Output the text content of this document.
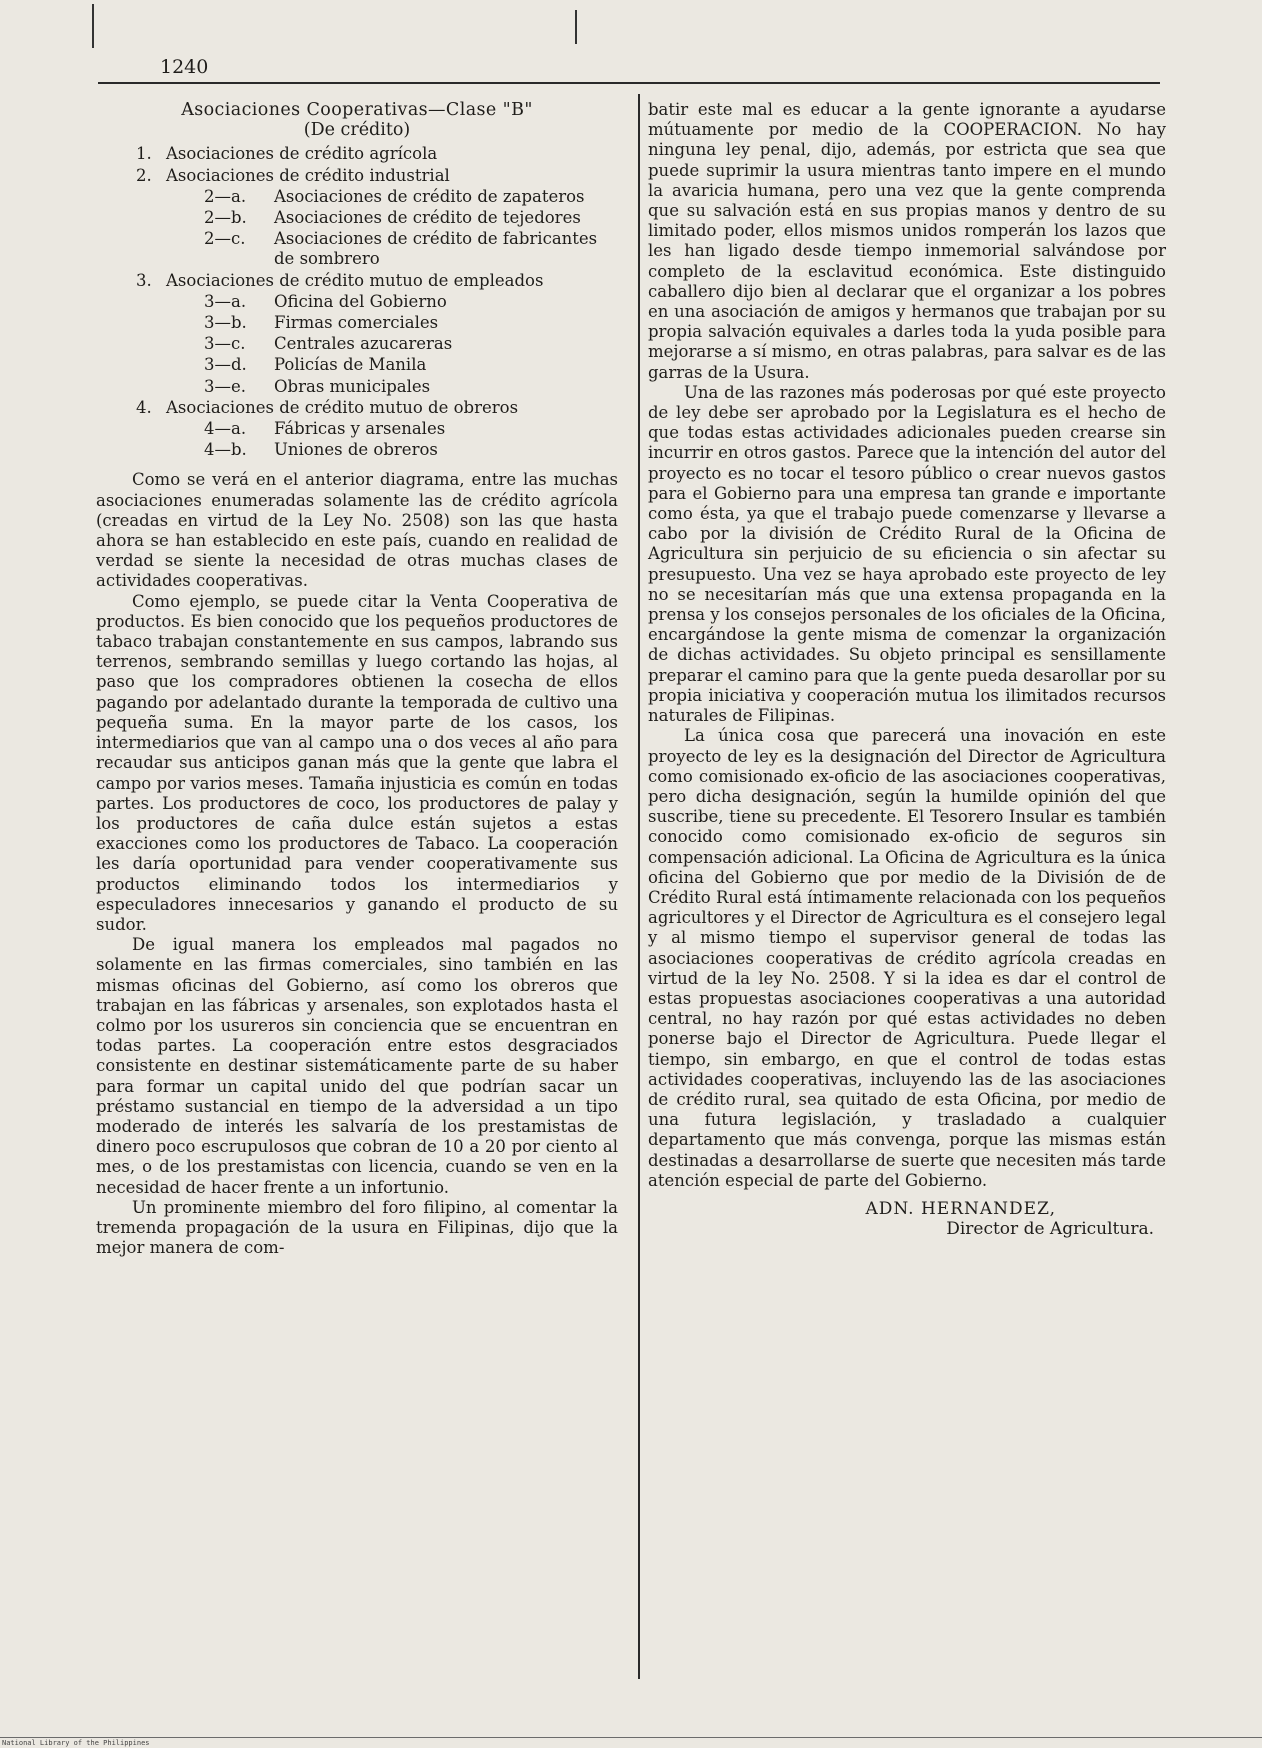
1240
Asociaciones Cooperativas—Clase "B"
(De crédito)
1. Asociaciones de crédito agrícola
2. Asociaciones de crédito industrial
2—a.	Asociaciones de crédito de zapateros
2—b.	Asociaciones de crédito de tejedores
2—c.	Asociaciones de crédito de fabricantes de sombrero
3. Asociaciones de crédito mutuo de empleados
3—a.	Oficina del Gobierno
3—b.	Firmas comerciales
3—c.	Centrales azucareras
3—d.	Policías de Manila
3—e.	Obras municipales
4. Asociaciones de crédito mutuo de obreros
4—a.	Fábricas y arsenales
4—b.	Uniones de obreros

Como se verá en el anterior diagrama, entre las muchas asociaciones enumeradas solamente las de crédito agrícola (creadas en virtud de la Ley No. 2508) son las que hasta ahora se han establecido en este país, cuando en realidad de verdad se siente la necesidad de otras muchas clases de actividades cooperativas.

Como ejemplo, se puede citar la Venta Cooperativa de productos. Es bien conocido que los pequeños productores de tabaco trabajan constantemente en sus campos, labrando sus terrenos, sembrando semillas y luego cortando las hojas, al paso que los compradores obtienen la cosecha de ellos pagando por adelantado durante la temporada de cultivo una pequeña suma. En la mayor parte de los casos, los intermediarios que van al campo una o dos veces al año para recaudar sus anticipos ganan más que la gente que labra el campo por varios meses. Tamaña injusticia es común en todas partes. Los productores de coco, los productores de palay y los productores de caña dulce están sujetos a estas exacciones como los productores de Tabaco. La cooperación les daría oportunidad para vender cooperativamente sus productos eliminando todos los intermediarios y especuladores innecesarios y ganando el producto de su sudor.

De igual manera los empleados mal pagados no solamente en las firmas comerciales, sino también en las mismas oficinas del Gobierno, así como los obreros que trabajan en las fábricas y arsenales, son explotados hasta el colmo por los usureros sin conciencia que se encuentran en todas partes. La cooperación entre estos desgraciados consistente en destinar sistemáticamente parte de su haber para formar un capital unido del que podrían sacar un préstamo sustancial en tiempo de la adversidad a un tipo moderado de interés les salvaría de los prestamistas de dinero poco escrupulosos que cobran de 10 a 20 por ciento al mes, o de los prestamistas con licencia, cuando se ven en la necesidad de hacer frente a un infortunio.

Un prominente miembro del foro filipino, al comentar la tremenda propagación de la usura en Filipinas, dijo que la mejor manera de com-

batir este mal es educar a la gente ignorante a ayudarse mútuamente por medio de la COOPERACION. No hay ninguna ley penal, dijo, además, por estricta que sea que puede suprimir la usura mientras tanto impere en el mundo la avaricia humana, pero una vez que la gente comprenda que su salvación está en sus propias manos y dentro de su limitado poder, ellos mismos unidos romperán los lazos que les han ligado desde tiempo inmemorial salvándose por completo de la esclavitud económica. Este distinguido caballero dijo bien al declarar que el organizar a los pobres en una asociación de amigos y hermanos que trabajan por su propia salvación equivales a darles toda la yuda posible para mejorarse a sí mismo, en otras palabras, para salvar es de las garras de la Usura.

Una de las razones más poderosas por qué este proyecto de ley debe ser aprobado por la Legislatura es el hecho de que todas estas actividades adicionales pueden crearse sin incurrir en otros gastos. Parece que la intención del autor del proyecto es no tocar el tesoro público o crear nuevos gastos para el Gobierno para una empresa tan grande e importante como ésta, ya que el trabajo puede comenzarse y llevarse a cabo por la división de Crédito Rural de la Oficina de Agricultura sin perjuicio de su eficiencia o sin afectar su presupuesto. Una vez se haya aprobado este proyecto de ley no se necesitarían más que una extensa propaganda en la prensa y los consejos personales de los oficiales de la Oficina, encargándose la gente misma de comenzar la organización de dichas actividades. Su objeto principal es sensillamente preparar el camino para que la gente pueda desarollar por su propia iniciativa y cooperación mutua los ilimitados recursos naturales de Filipinas.

La única cosa que parecerá una inovación en este proyecto de ley es la designación del Director de Agricultura como comisionado ex-oficio de las asociaciones cooperativas, pero dicha designación, según la humilde opinión del que suscribe, tiene su precedente. El Tesorero Insular es también conocido como comisionado ex-oficio de seguros sin compensación adicional. La Oficina de Agricultura es la única oficina del Gobierno que por medio de la División de de Crédito Rural está íntimamente relacionada con los pequeños agricultores y el Director de Agricultura es el consejero legal y al mismo tiempo el supervisor general de todas las asociaciones cooperativas de crédito agrícola creadas en virtud de la ley No. 2508. Y si la idea es dar el control de estas propuestas asociaciones cooperativas a una autoridad central, no hay razón por qué estas actividades no deben ponerse bajo el Director de Agricultura. Puede llegar el tiempo, sin embargo, en que el control de todas estas actividades cooperativas, incluyendo las de las asociaciones de crédito rural, sea quitado de esta Oficina, por medio de una futura legislación, y trasladado a cualquier departamento que más convenga, porque las mismas están destinadas a desarrollarse de suerte que necesiten más tarde atención especial de parte del Gobierno.

ADN. HERNANDEZ,
Director de Agricultura.
National Library of the Philippines
